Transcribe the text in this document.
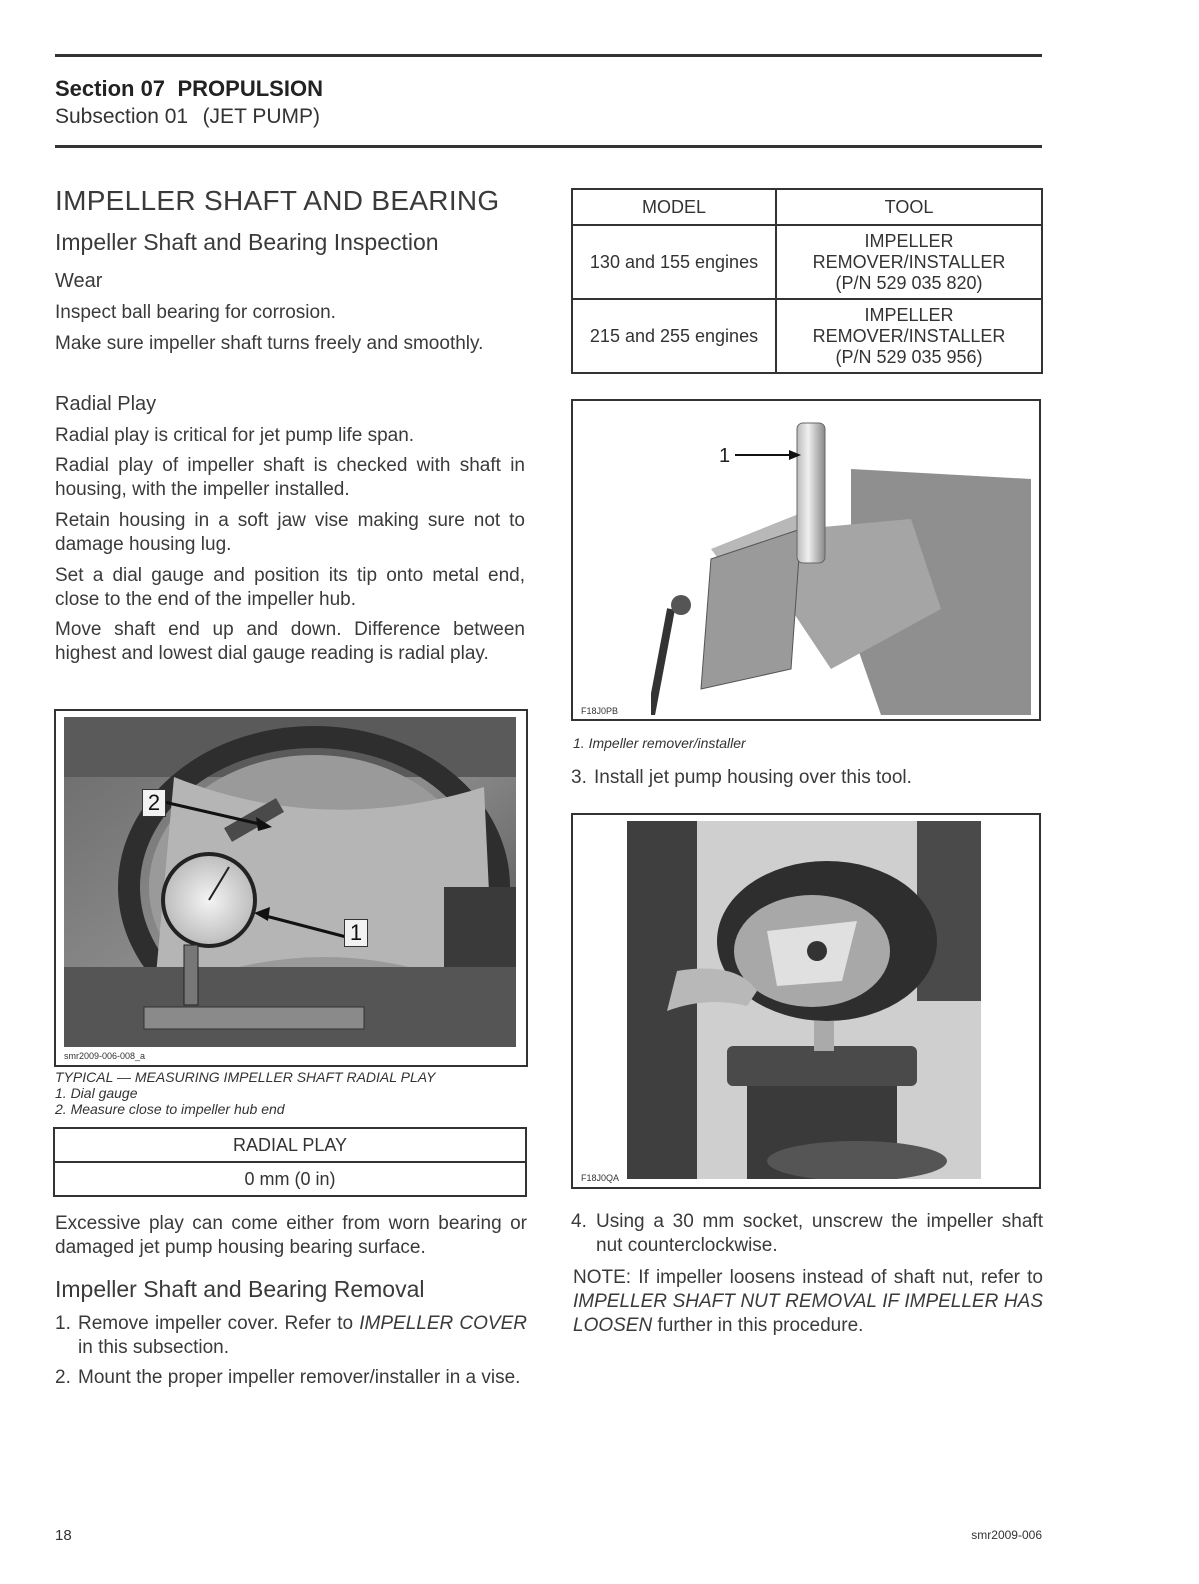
Section 07 PROPULSION
Subsection 01 (JET PUMP)
IMPELLER SHAFT AND BEARING
Impeller Shaft and Bearing Inspection
Wear
Inspect ball bearing for corrosion.
Make sure impeller shaft turns freely and smoothly.
Radial Play
Radial play is critical for jet pump life span.
Radial play of impeller shaft is checked with shaft in housing, with the impeller installed.
Retain housing in a soft jaw vise making sure not to damage housing lug.
Set a dial gauge and position its tip onto metal end, close to the end of the impeller hub.
Move shaft end up and down. Difference between highest and lowest dial gauge reading is radial play.
2
1
smr2009-006-008_a
TYPICAL — MEASURING IMPELLER SHAFT RADIAL PLAY
1. Dial gauge
2. Measure close to impeller hub end
RADIAL PLAY
0 mm (0 in)
Excessive play can come either from worn bearing or damaged jet pump housing bearing surface.
Impeller Shaft and Bearing Removal
1. Remove impeller cover. Refer to IMPELLER COVER in this subsection.
2. Mount the proper impeller remover/installer in a vise.
MODEL	TOOL
130 and 155 engines	IMPELLER
REMOVER/INSTALLER
(P/N 529 035 820)

215 and 255 engines	IMPELLER
REMOVER/INSTALLER
(P/N 529 035 956)
1
F18J0PB
1. Impeller remover/installer
3. Install jet pump housing over this tool.
F18J0QA
4. Using a 30 mm socket, unscrew the impeller shaft nut counterclockwise.
NOTE: If impeller loosens instead of shaft nut, refer to IMPELLER SHAFT NUT REMOVAL IF IMPELLER HAS LOOSEN further in this procedure.
18	smr2009-006
